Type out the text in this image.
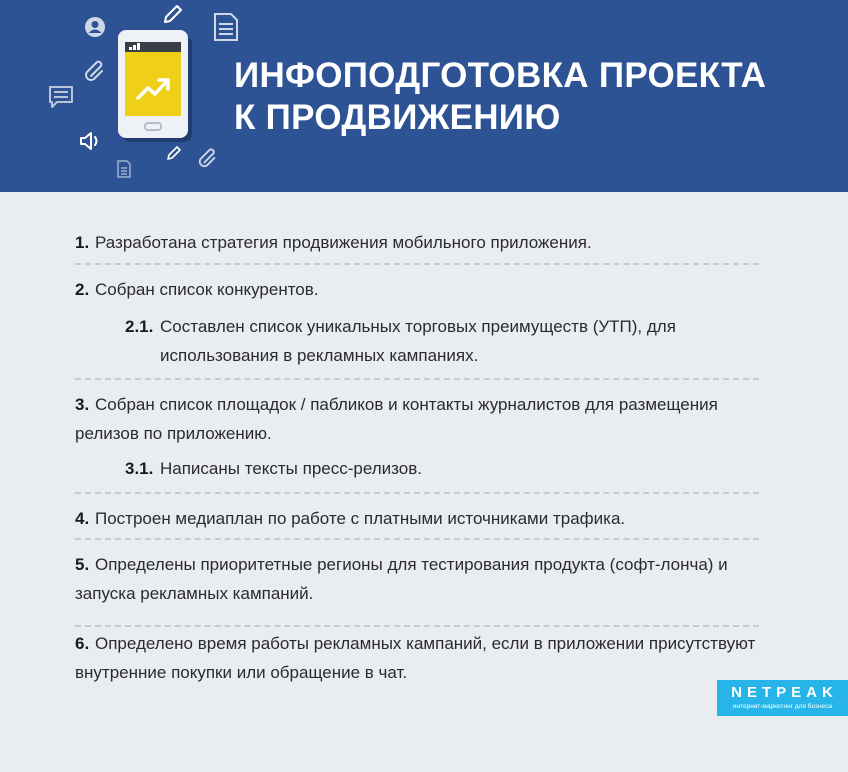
ИНФОПОДГОТОВКА ПРОЕКТА
К ПРОДВИЖЕНИЮ
1. Разработана стратегия продвижения мобильного приложения.
2. Собран список конкурентов.
2.1. Составлен список уникальных торговых преимуществ (УТП), для использования в рекламных кампаниях.
3. Собран список площадок / пабликов и контакты журналистов для размещения релизов по приложению.
3.1. Написаны тексты пресс-релизов.
4. Построен медиаплан по работе с платными источниками трафика.
5. Определены приоритетные регионы для тестирования продукта (софт-лонча) и запуска рекламных кампаний.
6. Определено время работы рекламных кампаний, если в приложении присутствуют внутренние покупки или обращение в чат.
NETPEAK
интернет-маркетинг для бизнеса
